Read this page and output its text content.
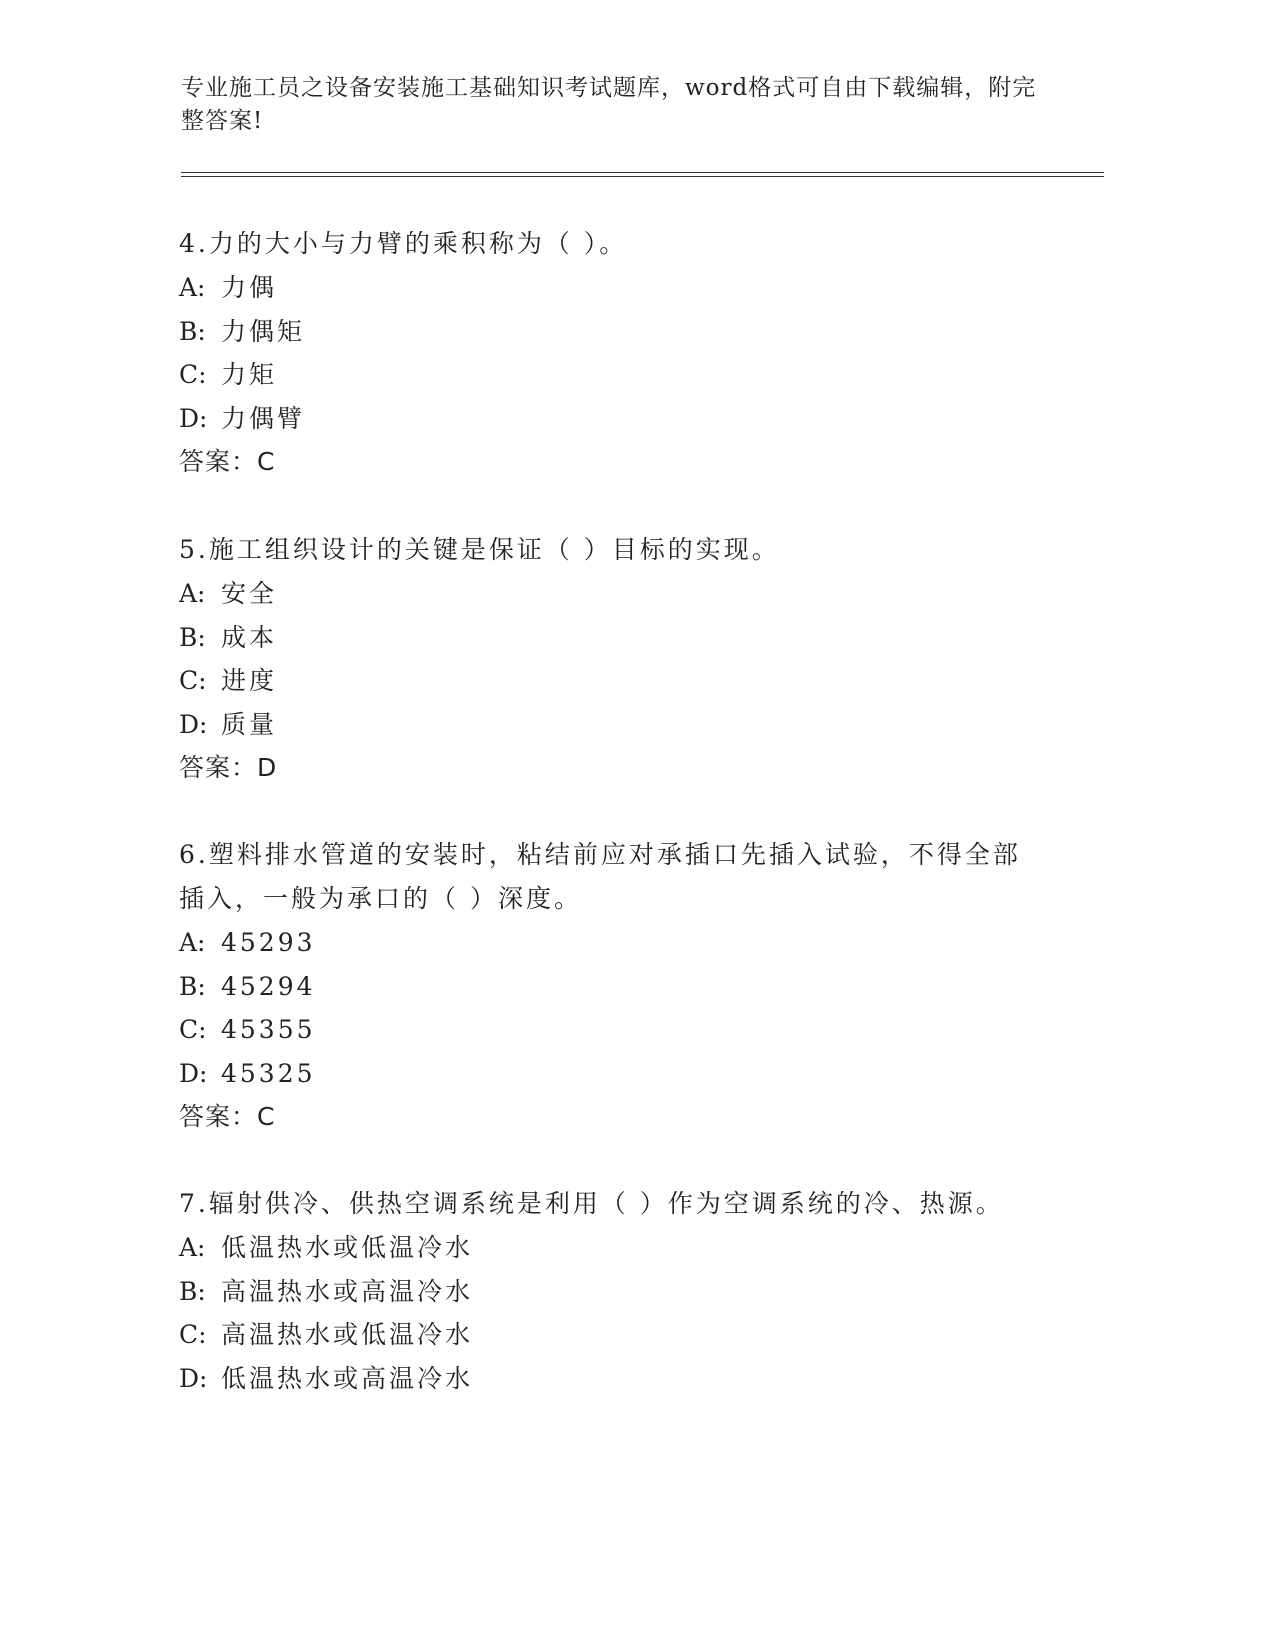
专业施工员之设备安装施工基础知识考试题库，word格式可自由下载编辑，附完整答案!

4.力的大小与力臂的乘积称为（ ）。

A: 力偶

B: 力偶矩

C: 力矩

D: 力偶臂

答案：C

5.施工组织设计的关键是保证（ ）目标的实现。

A: 安全

B: 成本

C: 进度

D: 质量

答案：D

6.塑料排水管道的安装时，粘结前应对承插口先插入试验，不得全部插入，一般为承口的（ ）深度。

A: 45293

B: 45294

C: 45355

D: 45325

答案：C

7.辐射供冷、供热空调系统是利用（ ）作为空调系统的冷、热源。

A: 低温热水或低温冷水

B: 高温热水或高温冷水

C: 高温热水或低温冷水

D: 低温热水或高温冷水
